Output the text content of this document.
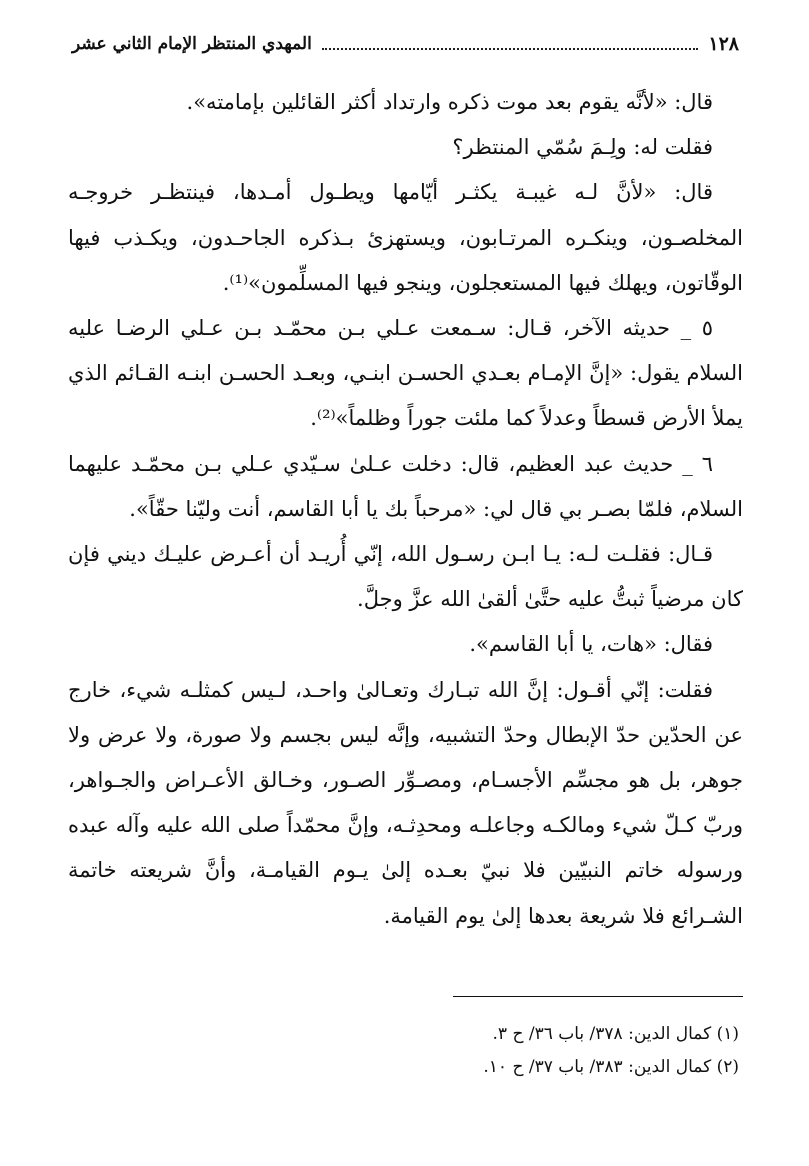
١٢٨
المهدي المنتظر الإمام الثاني عشر

قال: «لأنَّه يقوم بعد موت ذكره وارتداد أكثر القائلين بإمامته».

فقلت له: ولِـمَ سُمّي المنتظر؟

قال: «لأنَّ لـه غيبـة يكثـر أيّامها ويطـول أمـدها، فينتظـر خروجـه المخلصـون، وينكـره المرتـابون، ويستهزئ بـذكره الجاحـدون، ويكـذب فيها الوقّاتون، ويهلك فيها المستعجلون، وينجو فيها المسلِّمون»⁽¹⁾.

٥ _ حديثه الآخر، قـال: سـمعت عـلي بـن محمّـد بـن عـلي الرضـا عليه السلام يقول: «إنَّ الإمـام بعـدي الحسـن ابنـي، وبعـد الحسـن ابنـه القـائم الذي يملأ الأرض قسطاً وعدلاً كما ملئت جوراً وظلماً»⁽²⁾.

٦ _ حديث عبد العظيم، قال: دخلت عـلىٰ سـيّدي عـلي بـن محمّـد عليهما السلام، فلمّا بصـر بي قال لي: «مرحباً بك يا أبا القاسم، أنت وليّنا حقّاً».

قـال: فقلـت لـه: يـا ابـن رسـول الله، إنّي أُريـد أن أعـرض عليـك ديني فإن كان مرضياً ثبتُّ عليه حتَّىٰ ألقىٰ الله عزَّ وجلَّ.

فقال: «هات، يا أبا القاسم».

فقلت: إنّي أقـول: إنَّ الله تبـارك وتعـالىٰ واحـد، لـيس كمثلـه شيء، خارج عن الحدّين حدّ الإبطال وحدّ التشبيه، وإنَّه ليس بجسم ولا صورة، ولا عرض ولا جوهر، بل هو مجسِّم الأجسـام، ومصـوِّر الصـور، وخـالق الأعـراض والجـواهر، وربّ كـلّ شيء ومالكـه وجاعلـه ومحدِثـه، وإنَّ محمّداً صلى الله عليه وآله عبده ورسوله خاتم النبيّين فلا نبيّ بعـده إلىٰ يـوم القيامـة، وأنَّ شريعته خاتمة الشـرائع فلا شريعة بعدها إلىٰ يوم القيامة.

(١) كمال الدين: ٣٧٨/ باب ٣٦/ ح ٣.

(٢) كمال الدين: ٣٨٣/ باب ٣٧/ ح ١٠.
